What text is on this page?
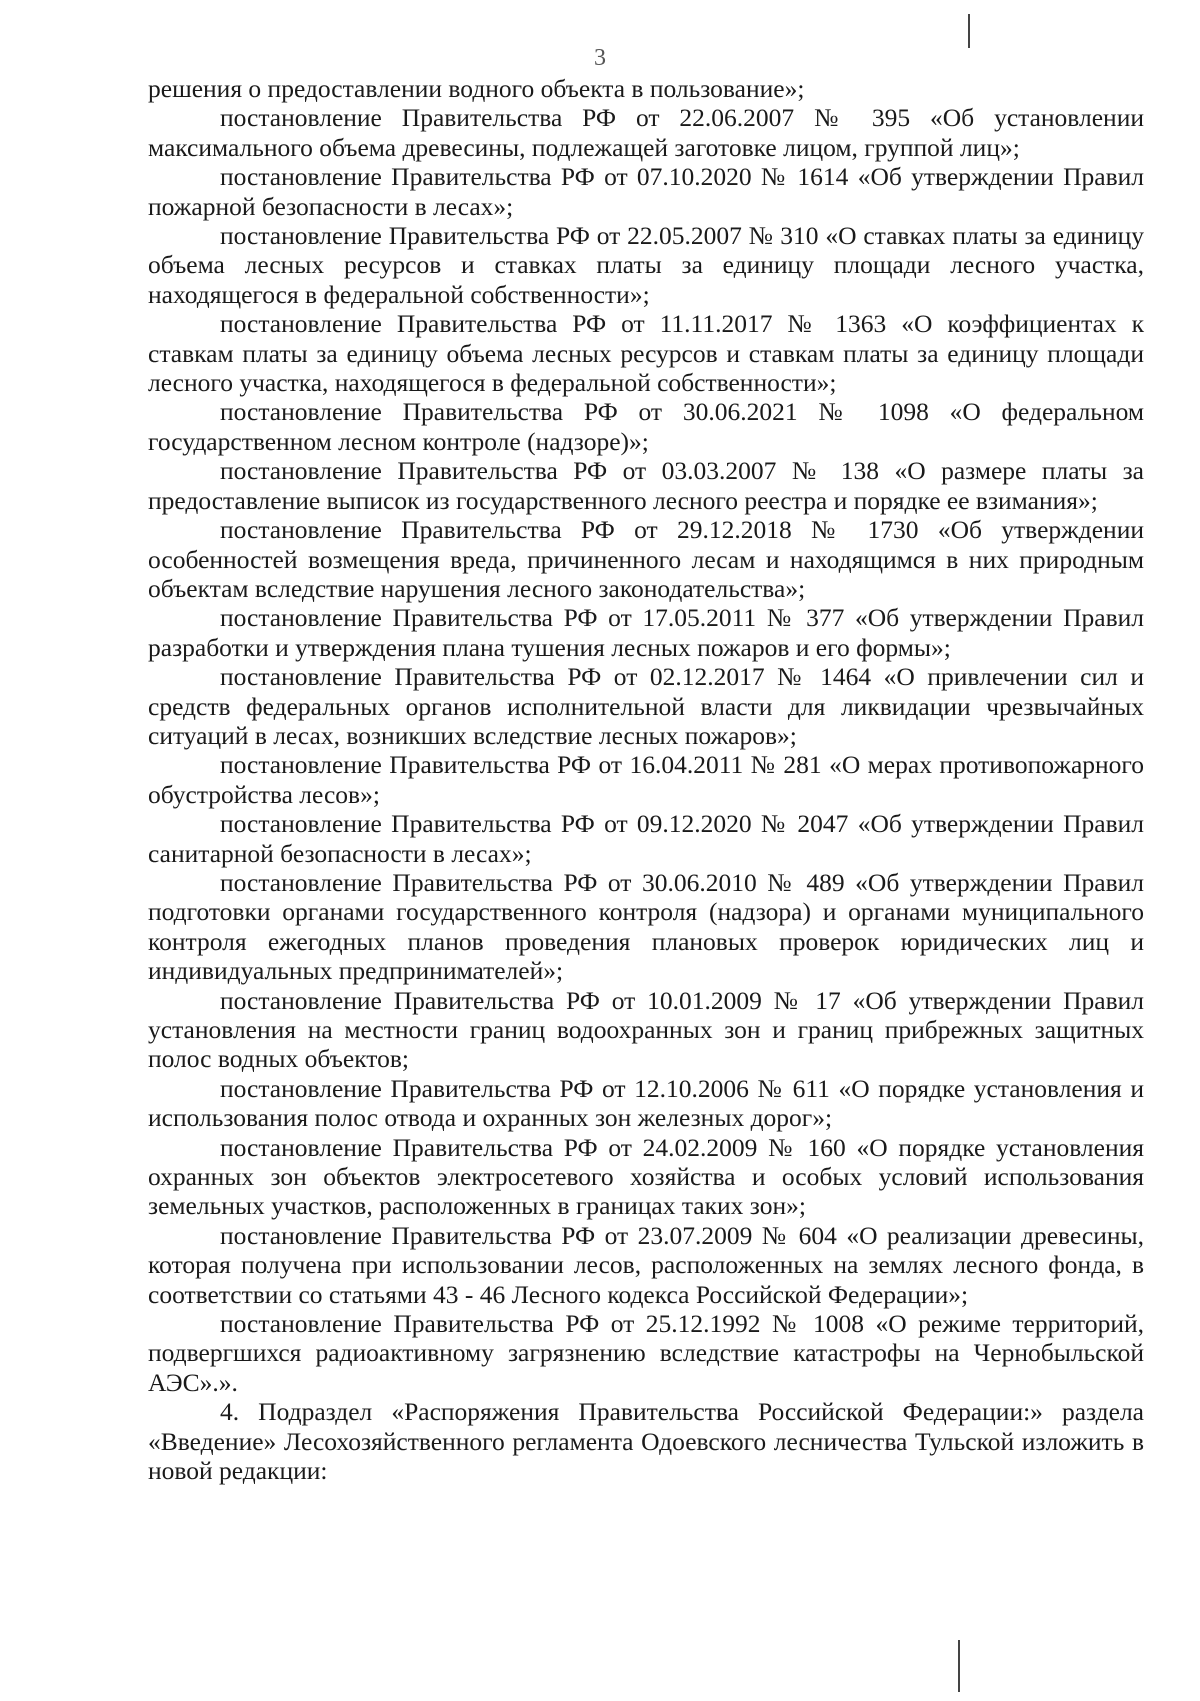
3

решения о предоставлении водного объекта в пользование»;

постановление Правительства РФ от 22.06.2007 № 395 «Об установлении максимального объема древесины, подлежащей заготовке лицом, группой лиц»;

постановление Правительства РФ от 07.10.2020 № 1614 «Об утверждении Правил пожарной безопасности в лесах»;

постановление Правительства РФ от 22.05.2007 № 310 «О ставках платы за единицу объема лесных ресурсов и ставках платы за единицу площади лесного участка, находящегося в федеральной собственности»;

постановление Правительства РФ от 11.11.2017 № 1363 «О коэффициентах к ставкам платы за единицу объема лесных ресурсов и ставкам платы за единицу площади лесного участка, находящегося в федеральной собственности»;

постановление Правительства РФ от 30.06.2021 № 1098 «О федеральном государственном лесном контроле (надзоре)»;

постановление Правительства РФ от 03.03.2007 № 138 «О размере платы за предоставление выписок из государственного лесного реестра и порядке ее взимания»;

постановление Правительства РФ от 29.12.2018 № 1730 «Об утверждении особенностей возмещения вреда, причиненного лесам и находящимся в них природным объектам вследствие нарушения лесного законодательства»;

постановление Правительства РФ от 17.05.2011 № 377 «Об утверждении Правил разработки и утверждения плана тушения лесных пожаров и его формы»;

постановление Правительства РФ от 02.12.2017 № 1464 «О привлечении сил и средств федеральных органов исполнительной власти для ликвидации чрезвычайных ситуаций в лесах, возникших вследствие лесных пожаров»;

постановление Правительства РФ от 16.04.2011 № 281 «О мерах противопожарного обустройства лесов»;

постановление Правительства РФ от 09.12.2020 № 2047 «Об утверждении Правил санитарной безопасности в лесах»;

постановление Правительства РФ от 30.06.2010 № 489 «Об утверждении Правил подготовки органами государственного контроля (надзора) и органами муниципального контроля ежегодных планов проведения плановых проверок юридических лиц и индивидуальных предпринимателей»;

постановление Правительства РФ от 10.01.2009 № 17 «Об утверждении Правил установления на местности границ водоохранных зон и границ прибрежных защитных полос водных объектов;

постановление Правительства РФ от 12.10.2006 № 611 «О порядке установления и использования полос отвода и охранных зон железных дорог»;

постановление Правительства РФ от 24.02.2009 № 160 «О порядке установления охранных зон объектов электросетевого хозяйства и особых условий использования земельных участков, расположенных в границах таких зон»;

постановление Правительства РФ от 23.07.2009 № 604 «О реализации древесины, которая получена при использовании лесов, расположенных на землях лесного фонда, в соответствии со статьями 43 - 46 Лесного кодекса Российской Федерации»;

постановление Правительства РФ от 25.12.1992 № 1008 «О режиме территорий, подвергшихся радиоактивному загрязнению вследствие катастрофы на Чернобыльской АЭС».».

4. Подраздел «Распоряжения Правительства Российской Федерации:» раздела «Введение» Лесохозяйственного регламента Одоевского лесничества Тульской изложить в новой редакции:
